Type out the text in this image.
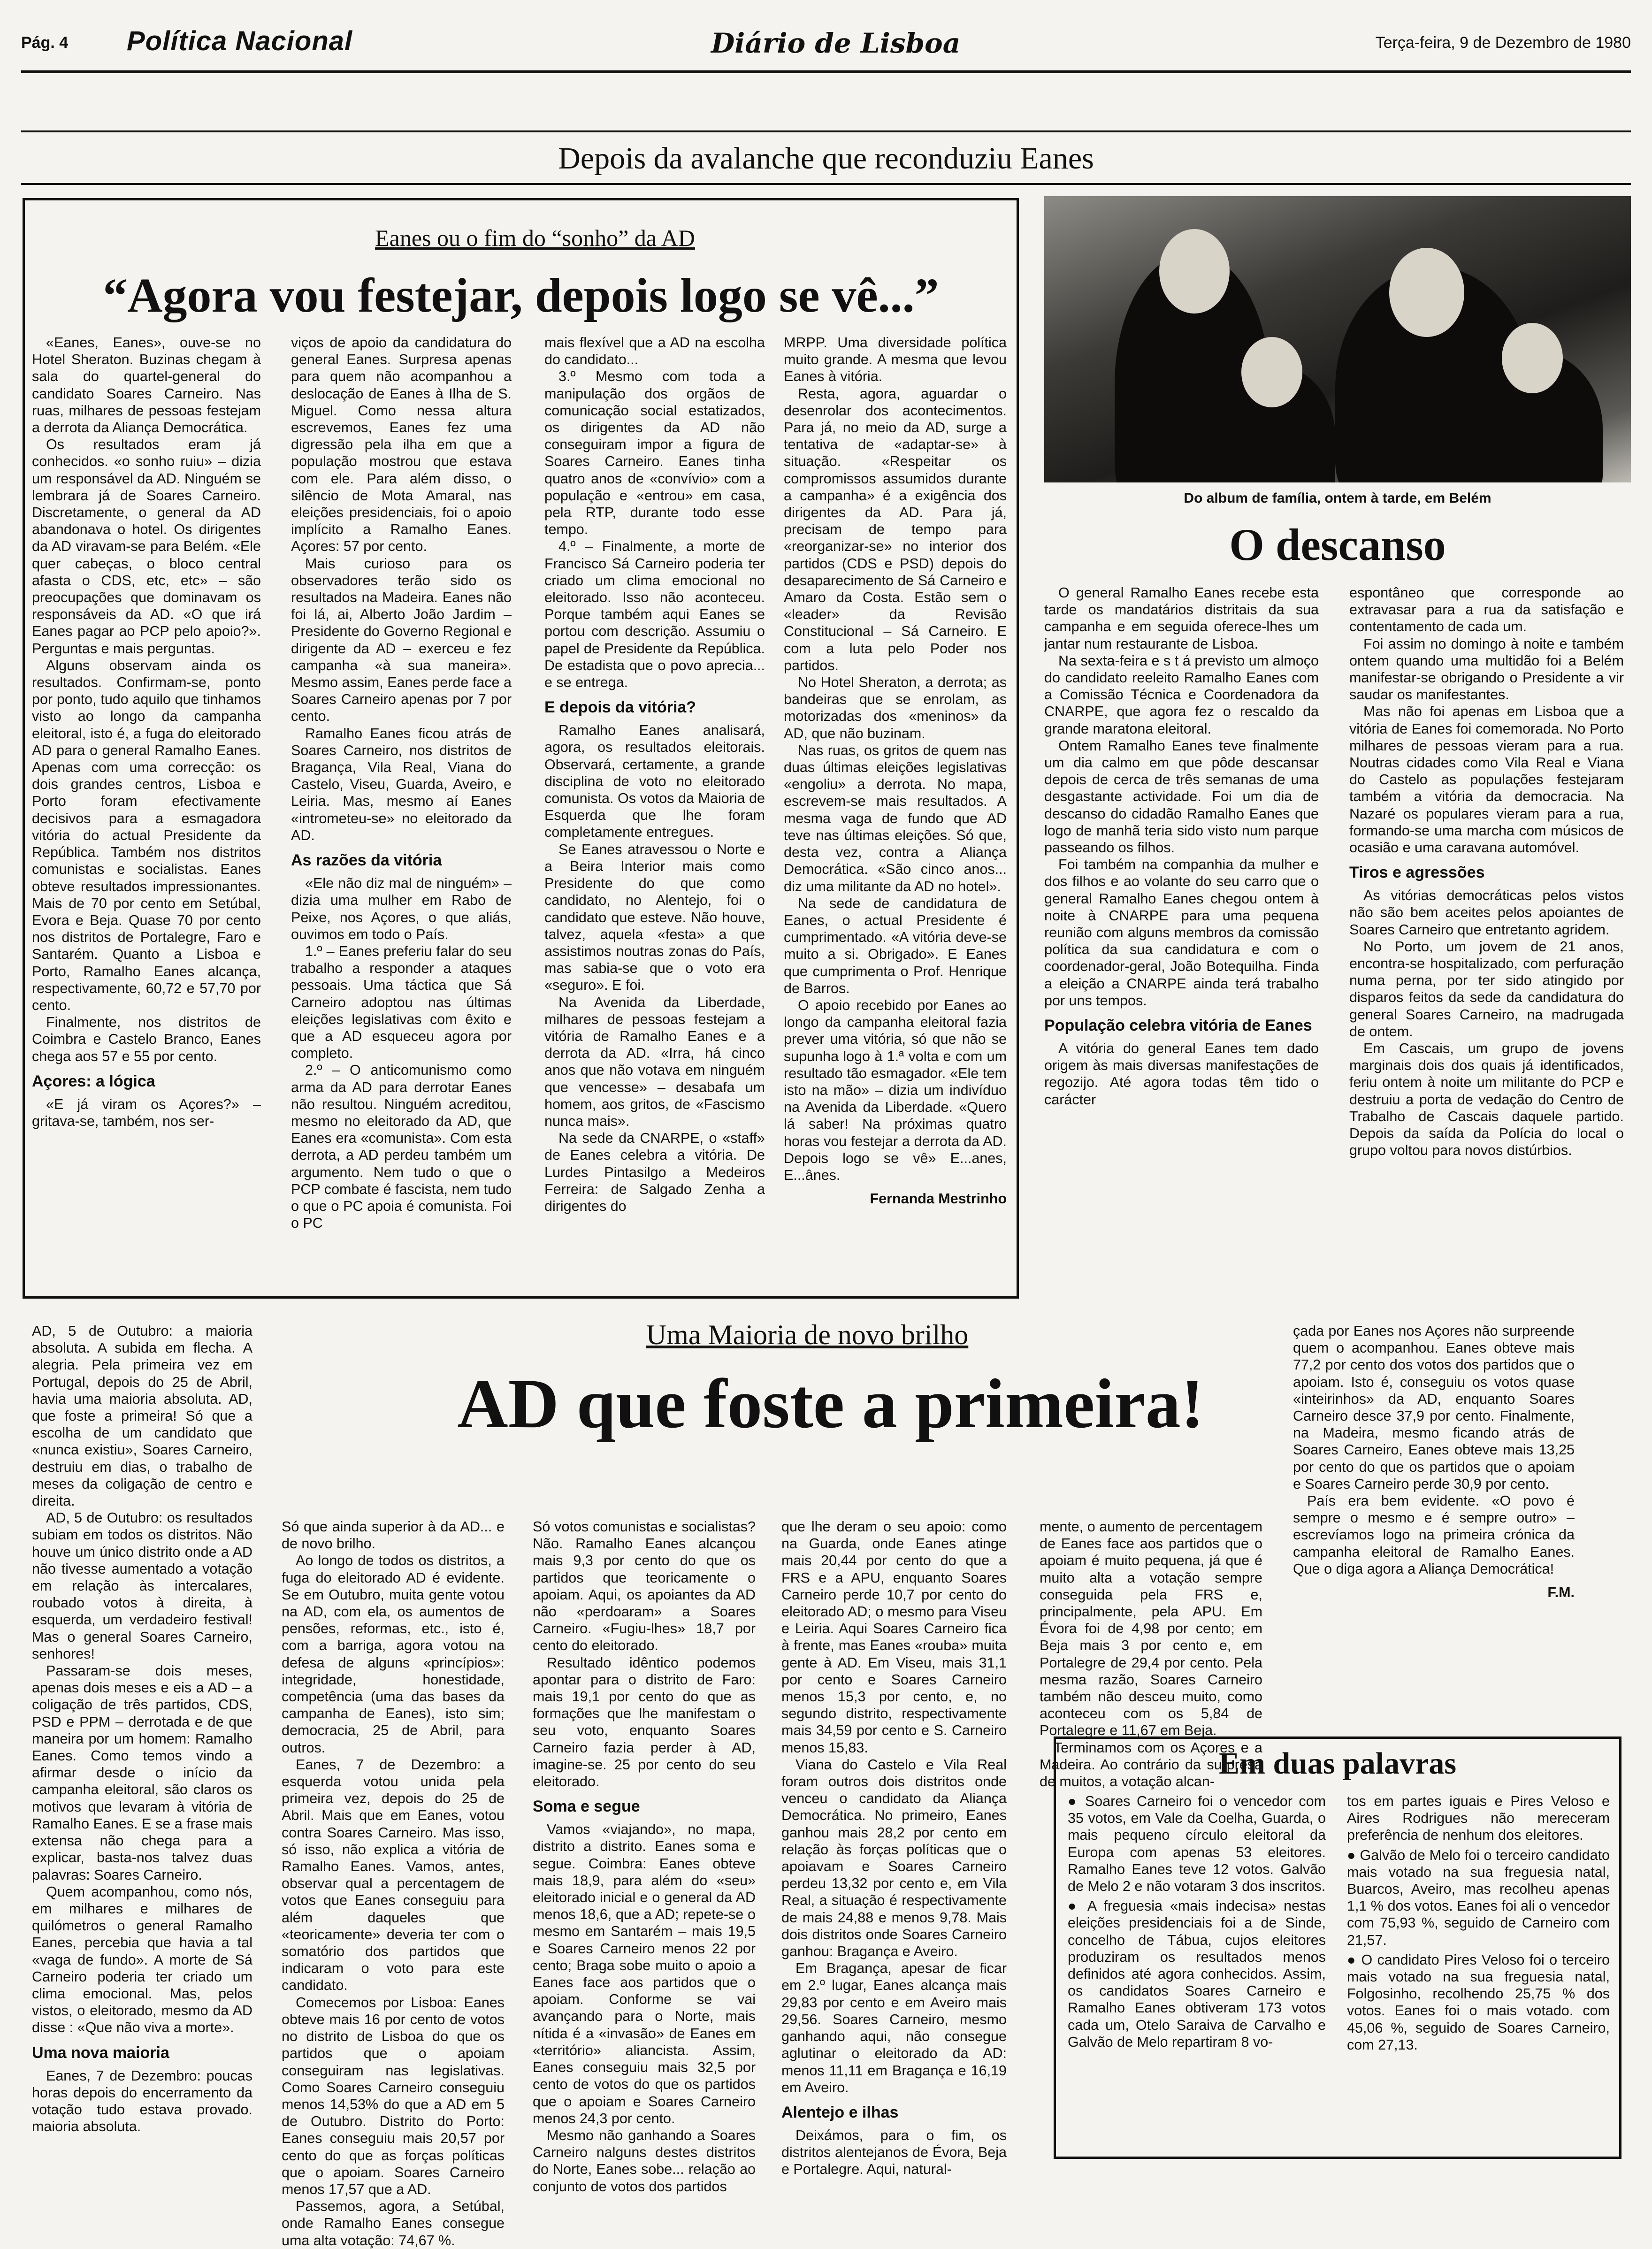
Pág. 4 Política Nacional	Diário de Lisboa	Terça-feira, 9 de Dezembro de 1980
Depois da avalanche que reconduziu Eanes
Eanes ou o fim do “sonho” da AD
“Agora vou festejar, depois logo se vê...”

«Eanes, Eanes», ouve-se no Hotel Sheraton. Buzinas chegam à sala do quartel-general do candidato Soares Carneiro. Nas ruas, milhares de pessoas festejam a derrota da Aliança Democrática.

Os resultados eram já conhecidos. «o sonho ruiu» – dizia um responsável da AD. Ninguém se lembrara já de Soares Carneiro. Discretamente, o general da AD abandonava o hotel. Os dirigentes da AD viravam-se para Belém. «Ele quer cabeças, o bloco central afasta o CDS, etc, etc» – são preocupações que dominavam os responsáveis da AD. «O que irá Eanes pagar ao PCP pelo apoio?». Perguntas e mais perguntas.

Alguns observam ainda os resultados. Confirmam-se, ponto por ponto, tudo aquilo que tinhamos visto ao longo da campanha eleitoral, isto é, a fuga do eleitorado AD para o general Ramalho Eanes. Apenas com uma correcção: os dois grandes centros, Lisboa e Porto foram efectivamente decisivos para a esmagadora vitória do actual Presidente da República. Também nos distritos comunistas e socialistas. Eanes obteve resultados impressionantes. Mais de 70 por cento em Setúbal, Evora e Beja. Quase 70 por cento nos distritos de Portalegre, Faro e Santarém. Quanto a Lisboa e Porto, Ramalho Eanes alcança, respectivamente, 60,72 e 57,70 por cento.

Finalmente, nos distritos de Coimbra e Castelo Branco, Eanes chega aos 57 e 55 por cento.

Açores: a lógica

«E já viram os Açores?» – gritava-se, também, nos ser-

viços de apoio da candidatura do general Eanes. Surpresa apenas para quem não acompanhou a deslocação de Eanes à Ilha de S. Miguel. Como nessa altura escrevemos, Eanes fez uma digressão pela ilha em que a população mostrou que estava com ele. Para além disso, o silêncio de Mota Amaral, nas eleições presidenciais, foi o apoio implícito a Ramalho Eanes. Açores: 57 por cento.

Mais curioso para os observadores terão sido os resultados na Madeira. Eanes não foi lá, ai, Alberto João Jardim – Presidente do Governo Regional e dirigente da AD – exerceu e fez campanha «à sua maneira». Mesmo assim, Eanes perde face a Soares Carneiro apenas por 7 por cento.

Ramalho Eanes ficou atrás de Soares Carneiro, nos distritos de Bragança, Vila Real, Viana do Castelo, Viseu, Guarda, Aveiro, e Leiria. Mas, mesmo aí Eanes «intrometeu-se» no eleitorado da AD.

As razões da vitória

«Ele não diz mal de ninguém» – dizia uma mulher em Rabo de Peixe, nos Açores, o que aliás, ouvimos em todo o País.

1.º – Eanes preferiu falar do seu trabalho a responder a ataques pessoais. Uma táctica que Sá Carneiro adoptou nas últimas eleições legislativas com êxito e que a AD esqueceu agora por completo.

2.º – O anticomunismo como arma da AD para derrotar Eanes não resultou. Ninguém acreditou, mesmo no eleitorado da AD, que Eanes era «comunista». Com esta derrota, a AD perdeu também um argumento. Nem tudo o que o PCP combate é fascista, nem tudo o que o PC apoia é comunista. Foi o PC

mais flexível que a AD na escolha do candidato...

3.º Mesmo com toda a manipulação dos orgãos de comunicação social estatizados, os dirigentes da AD não conseguiram impor a figura de Soares Carneiro. Eanes tinha quatro anos de «convívio» com a população e «entrou» em casa, pela RTP, durante todo esse tempo.

4.º – Finalmente, a morte de Francisco Sá Carneiro poderia ter criado um clima emocional no eleitorado. Isso não aconteceu. Porque também aqui Eanes se portou com descrição. Assumiu o papel de Presidente da República. De estadista que o povo aprecia... e se entrega.

E depois da vitória?

Ramalho Eanes analisará, agora, os resultados eleitorais. Observará, certamente, a grande disciplina de voto no eleitorado comunista. Os votos da Maioria de Esquerda que lhe foram completamente entregues.

Se Eanes atravessou o Norte e a Beira Interior mais como Presidente do que como candidato, no Alentejo, foi o candidato que esteve. Não houve, talvez, aquela «festa» a que assistimos noutras zonas do País, mas sabia-se que o voto era «seguro». E foi.

Na Avenida da Liberdade, milhares de pessoas festejam a vitória de Ramalho Eanes e a derrota da AD. «Irra, há cinco anos que não votava em ninguém que vencesse» – desabafa um homem, aos gritos, de «Fascismo nunca mais».

Na sede da CNARPE, o «staff» de Eanes celebra a vitória. De Lurdes Pintasilgo a Medeiros Ferreira: de Salgado Zenha a dirigentes do

MRPP. Uma diversidade política muito grande. A mesma que levou Eanes à vitória.

Resta, agora, aguardar o desenrolar dos acontecimentos. Para já, no meio da AD, surge a tentativa de «adaptar-se» à situação. «Respeitar os compromissos assumidos durante a campanha» é a exigência dos dirigentes da AD. Para já, precisam de tempo para «reorganizar-se» no interior dos partidos (CDS e PSD) depois do desaparecimento de Sá Carneiro e Amaro da Costa. Estão sem o «leader» da Revisão Constitucional – Sá Carneiro. E com a luta pelo Poder nos partidos.

No Hotel Sheraton, a derrota; as bandeiras que se enrolam, as motorizadas dos «meninos» da AD, que não buzinam.

Nas ruas, os gritos de quem nas duas últimas eleições legislativas «engoliu» a derrota. No mapa, escrevem-se mais resultados. A mesma vaga de fundo que AD teve nas últimas eleições. Só que, desta vez, contra a Aliança Democrática. «São cinco anos... diz uma militante da AD no hotel».

Na sede de candidatura de Eanes, o actual Presidente é cumprimentado. «A vitória deve-se muito a si. Obrigado». E Eanes que cumprimenta o Prof. Henrique de Barros.

O apoio recebido por Eanes ao longo da campanha eleitoral fazia prever uma vitória, só que não se supunha logo à 1.ª volta e com um resultado tão esmagador. «Ele tem isto na mão» – dizia um indivíduo na Avenida da Liberdade. «Quero lá saber! Na próximas quatro horas vou festejar a derrota da AD. Depois logo se vê» E...anes, E...ânes.

Fernanda Mestrinho

Do album de família, ontem à tarde, em Belém
O descanso

O general Ramalho Eanes recebe esta tarde os mandatários distritais da sua campanha e em seguida oferece-lhes um jantar num restaurante de Lisboa.

Na sexta-feira e s t á previsto um almoço do candidato reeleito Ramalho Eanes com a Comissão Técnica e Coordenadora da CNARPE, que agora fez o rescaldo da grande maratona eleitoral.

Ontem Ramalho Eanes teve finalmente um dia calmo em que pôde descansar depois de cerca de três semanas de uma desgastante actividade. Foi um dia de descanso do cidadão Ramalho Eanes que logo de manhã teria sido visto num parque passeando os filhos.

Foi também na companhia da mulher e dos filhos e ao volante do seu carro que o general Ramalho Eanes chegou ontem à noite à CNARPE para uma pequena reunião com alguns membros da comissão política da sua candidatura e com o coordenador-geral, João Botequilha. Finda a eleição a CNARPE ainda terá trabalho por uns tempos.

População celebra vitória de Eanes

A vitória do general Eanes tem dado origem às mais diversas manifestações de regozijo. Até agora todas têm tido o carácter

espontâneo que corresponde ao extravasar para a rua da satisfação e contentamento de cada um.

Foi assim no domingo à noite e também ontem quando uma multidão foi a Belém manifestar-se obrigando o Presidente a vir saudar os manifestantes.

Mas não foi apenas em Lisboa que a vitória de Eanes foi comemorada. No Porto milhares de pessoas vieram para a rua. Noutras cidades como Vila Real e Viana do Castelo as populações festejaram também a vitória da democracia. Na Nazaré os populares vieram para a rua, formando-se uma marcha com músicos de ocasião e uma caravana automóvel.

Tiros e agressões

As vitórias democráticas pelos vistos não são bem aceites pelos apoiantes de Soares Carneiro que entretanto agridem.

No Porto, um jovem de 21 anos, encontra-se hospitalizado, com perfuração numa perna, por ter sido atingido por disparos feitos da sede da candidatura do general Soares Carneiro, na madrugada de ontem.

Em Cascais, um grupo de jovens marginais dois dos quais já identificados, feriu ontem à noite um militante do PCP e destruiu a porta de vedação do Centro de Trabalho de Cascais daquele partido. Depois da saída da Polícia do local o grupo voltou para novos distúrbios.

Uma Maioria de novo brilho
AD que foste a primeira!

AD, 5 de Outubro: a maioria absoluta. A subida em flecha. A alegria. Pela primeira vez em Portugal, depois do 25 de Abril, havia uma maioria absoluta. AD, que foste a primeira! Só que a escolha de um candidato que «nunca existiu», Soares Carneiro, destruiu em dias, o trabalho de meses da coligação de centro e direita.

AD, 5 de Outubro: os resultados subiam em todos os distritos. Não houve um único distrito onde a AD não tivesse aumentado a votação em relação às intercalares, roubado votos à direita, à esquerda, um verdadeiro festival! Mas o general Soares Carneiro, senhores!

Passaram-se dois meses, apenas dois meses e eis a AD – a coligação de três partidos, CDS, PSD e PPM – derrotada e de que maneira por um homem: Ramalho Eanes. Como temos vindo a afirmar desde o início da campanha eleitoral, são claros os motivos que levaram à vitória de Ramalho Eanes. E se a frase mais extensa não chega para a explicar, basta-nos talvez duas palavras: Soares Carneiro.

Quem acompanhou, como nós, em milhares e milhares de quilómetros o general Ramalho Eanes, percebia que havia a tal «vaga de fundo». A morte de Sá Carneiro poderia ter criado um clima emocional. Mas, pelos vistos, o eleitorado, mesmo da AD disse : «Que não viva a morte».

Uma nova maioria

Eanes, 7 de Dezembro: poucas horas depois do encerramento da votação tudo estava provado. maioria absoluta.

Só que ainda superior à da AD... e de novo brilho.

Ao longo de todos os distritos, a fuga do eleitorado AD é evidente. Se em Outubro, muita gente votou na AD, com ela, os aumentos de pensões, reformas, etc., isto é, com a barriga, agora votou na defesa de alguns «princípios»: integridade, honestidade, competência (uma das bases da campanha de Eanes), isto sim; democracia, 25 de Abril, para outros.

Eanes, 7 de Dezembro: a esquerda votou unida pela primeira vez, depois do 25 de Abril. Mais que em Eanes, votou contra Soares Carneiro. Mas isso, só isso, não explica a vitória de Ramalho Eanes. Vamos, antes, observar qual a percentagem de votos que Eanes conseguiu para além daqueles que «teoricamente» deveria ter com o somatório dos partidos que indicaram o voto para este candidato.

Comecemos por Lisboa: Eanes obteve mais 16 por cento de votos no distrito de Lisboa do que os partidos que o apoiam conseguiram nas legislativas. Como Soares Carneiro conseguiu menos 14,53% do que a AD em 5 de Outubro. Distrito do Porto: Eanes conseguiu mais 20,57 por cento do que as forças políticas que o apoiam. Soares Carneiro menos 17,57 que a AD.

Passemos, agora, a Setúbal, onde Ramalho Eanes consegue uma alta votação: 74,67 %.

Só votos comunistas e socialistas? Não. Ramalho Eanes alcançou mais 9,3 por cento do que os partidos que teoricamente o apoiam. Aqui, os apoiantes da AD não «perdoaram» a Soares Carneiro. «Fugiu-lhes» 18,7 por cento do eleitorado.

Resultado idêntico podemos apontar para o distrito de Faro: mais 19,1 por cento do que as formações que lhe manifestam o seu voto, enquanto Soares Carneiro fazia perder à AD, imagine-se. 25 por cento do seu eleitorado.

Soma e segue

Vamos «viajando», no mapa, distrito a distrito. Eanes soma e segue. Coimbra: Eanes obteve mais 18,9, para além do «seu» eleitorado inicial e o general da AD menos 18,6, que a AD; repete-se o mesmo em Santarém – mais 19,5 e Soares Carneiro menos 22 por cento; Braga sobe muito o apoio a Eanes face aos partidos que o apoiam. Conforme se vai avançando para o Norte, mais nítida é a «invasão» de Eanes em «território» aliancista. Assim, Eanes conseguiu mais 32,5 por cento de votos do que os partidos que o apoiam e Soares Carneiro menos 24,3 por cento.

Mesmo não ganhando a Soares Carneiro nalguns destes distritos do Norte, Eanes sobe... relação ao conjunto de votos dos partidos

que lhe deram o seu apoio: como na Guarda, onde Eanes atinge mais 20,44 por cento do que a FRS e a APU, enquanto Soares Carneiro perde 10,7 por cento do eleitorado AD; o mesmo para Viseu e Leiria. Aqui Soares Carneiro fica à frente, mas Eanes «rouba» muita gente à AD. Em Viseu, mais 31,1 por cento e Soares Carneiro menos 15,3 por cento, e, no segundo distrito, respectivamente mais 34,59 por cento e S. Carneiro menos 15,83.

Viana do Castelo e Vila Real foram outros dois distritos onde venceu o candidato da Aliança Democrática. No primeiro, Eanes ganhou mais 28,2 por cento em relação às forças políticas que o apoiavam e Soares Carneiro perdeu 13,32 por cento e, em Vila Real, a situação é respectivamente de mais 24,88 e menos 9,78. Mais dois distritos onde Soares Carneiro ganhou: Bragança e Aveiro.

Em Bragança, apesar de ficar em 2.º lugar, Eanes alcança mais 29,83 por cento e em Aveiro mais 29,56. Soares Carneiro, mesmo ganhando aqui, não consegue aglutinar o eleitorado da AD: menos 11,11 em Bragança e 16,19 em Aveiro.

Alentejo e ilhas

Deixámos, para o fim, os distritos alentejanos de Évora, Beja e Portalegre. Aqui, natural-

mente, o aumento de percentagem de Eanes face aos partidos que o apoiam é muito pequena, já que é muito alta a votação sempre conseguida pela FRS e, principalmente, pela APU. Em Évora foi de 4,98 por cento; em Beja mais 3 por cento e, em Portalegre de 29,4 por cento. Pela mesma razão, Soares Carneiro também não desceu muito, como aconteceu com os 5,84 de Portalegre e 11,67 em Beja.

Terminamos com os Açores e a Madeira. Ao contrário da surpresa de muitos, a votação alcan-

çada por Eanes nos Açores não surpreende quem o acompanhou. Eanes obteve mais 77,2 por cento dos votos dos partidos que o apoiam. Isto é, conseguiu os votos quase «inteirinhos» da AD, enquanto Soares Carneiro desce 37,9 por cento. Finalmente, na Madeira, mesmo ficando atrás de Soares Carneiro, Eanes obteve mais 13,25 por cento do que os partidos que o apoiam e Soares Carneiro perde 30,9 por cento.

País era bem evidente. «O povo é sempre o mesmo e é sempre outro» – escrevíamos logo na primeira crónica da campanha eleitoral de Ramalho Eanes. Que o diga agora a Aliança Democrática!

F.M.

Em duas palavras

● Soares Carneiro foi o vencedor com 35 votos, em Vale da Coelha, Guarda, o mais pequeno círculo eleitoral da Europa com apenas 53 eleitores. Ramalho Eanes teve 12 votos. Galvão de Melo 2 e não votaram 3 dos inscritos.

● A freguesia «mais indecisa» nestas eleições presidenciais foi a de Sinde, concelho de Tábua, cujos eleitores produziram os resultados menos definidos até agora conhecidos. Assim, os candidatos Soares Carneiro e Ramalho Eanes obtiveram 173 votos cada um, Otelo Saraiva de Carvalho e Galvão de Melo repartiram 8 vo-

tos em partes iguais e Pires Veloso e Aires Rodrigues não mereceram preferência de nenhum dos eleitores.

● Galvão de Melo foi o terceiro candidato mais votado na sua freguesia natal, Buarcos, Aveiro, mas recolheu apenas 1,1 % dos votos. Eanes foi ali o vencedor com 75,93 %, seguido de Carneiro com 21,57.

● O candidato Pires Veloso foi o terceiro mais votado na sua freguesia natal, Folgosinho, recolhendo 25,75 % dos votos. Eanes foi o mais votado. com 45,06 %, seguido de Soares Carneiro, com 27,13.
